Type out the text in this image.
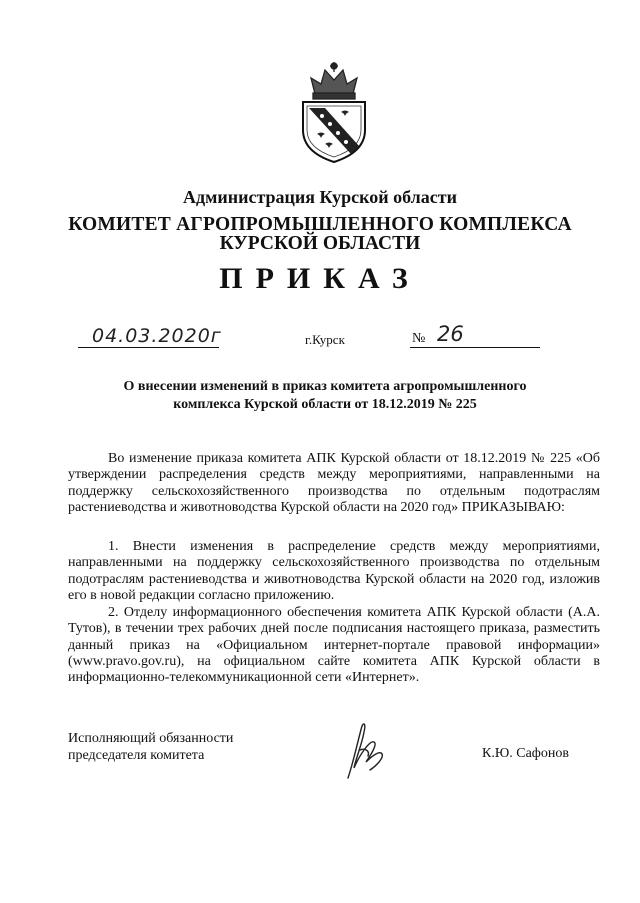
Администрация Курской области
КОМИТЕТ АГРОПРОМЫШЛЕННОГО КОМПЛЕКСА
КУРСКОЙ ОБЛАСТИ
ПРИКАЗ
04.03.2020г	г.Курск	№ 26
О внесении изменений в приказ комитета агропромышленного
комплекса Курской области от 18.12.2019 № 225
Во изменение приказа комитета АПК Курской области от 18.12.2019 № 225 «Об утверждении распределения средств между мероприятиями, направленными на поддержку сельскохозяйственного производства по отдельным подотраслям растениеводства и животноводства Курской области на 2020 год» ПРИКАЗЫВАЮ:
1. Внести изменения в распределение средств между мероприятиями, направленными на поддержку сельскохозяйственного производства по отдельным подотраслям растениеводства и животноводства Курской области на 2020 год, изложив его в новой редакции согласно приложению.
2. Отделу информационного обеспечения комитета АПК Курской области (А.А. Тутов), в течении трех рабочих дней после подписания настоящего приказа, разместить данный приказ на «Официальном интернет-портале правовой информации» (www.pravo.gov.ru), на официальном сайте комитета АПК Курской области в информационно-телекоммуникационной сети «Интернет».
Исполняющий обязанности
председателя комитета	К.Ю. Сафонов
